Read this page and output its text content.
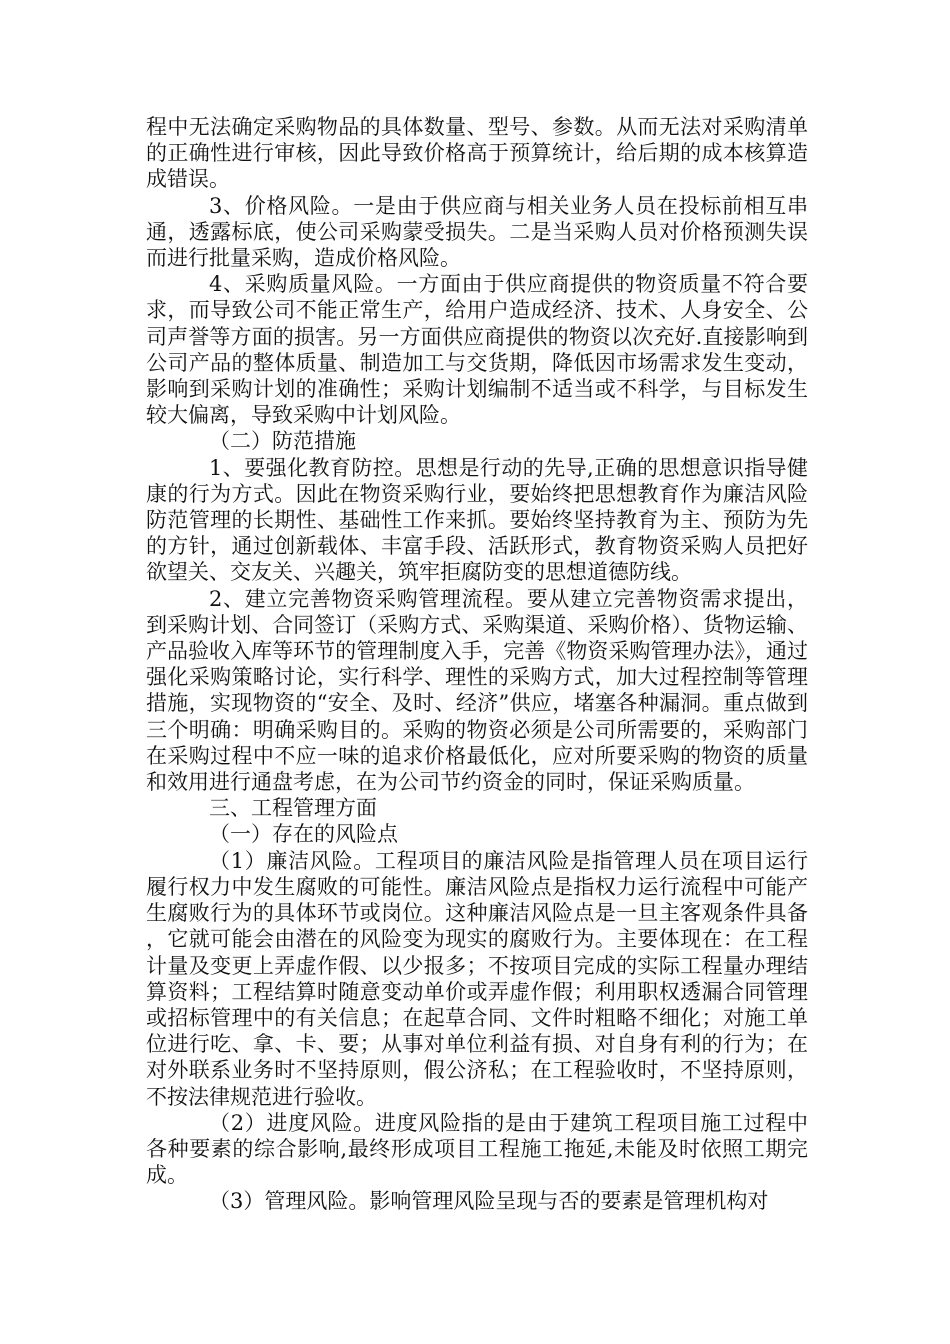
程中无法确定采购物品的具体数量、型号、参数。从而无法对采购清单的正确性进行审核，因此导致价格高于预算统计，给后期的成本核算造成错误。

3、价格风险。一是由于供应商与相关业务人员在投标前相互串通，透露标底，使公司采购蒙受损失。二是当采购人员对价格预测失误而进行批量采购，造成价格风险。

4、采购质量风险。一方面由于供应商提供的物资质量不符合要求，而导致公司不能正常生产，给用户造成经济、技术、人身安全、公司声誉等方面的损害。另一方面供应商提供的物资以次充好.直接影响到公司产品的整体质量、制造加工与交货期，降低因市场需求发生变动，影响到采购计划的准确性；采购计划编制不适当或不科学，与目标发生较大偏离，导致采购中计划风险。

（二）防范措施

1、要强化教育防控。思想是行动的先导,正确的思想意识指导健康的行为方式。因此在物资采购行业，要始终把思想教育作为廉洁风险防范管理的长期性、基础性工作来抓。要始终坚持教育为主、预防为先的方针，通过创新载体、丰富手段、活跃形式，教育物资采购人员把好欲望关、交友关、兴趣关，筑牢拒腐防变的思想道德防线。

2、建立完善物资采购管理流程。要从建立完善物资需求提出，到采购计划、合同签订（采购方式、采购渠道、采购价格）、货物运输、产品验收入库等环节的管理制度入手，完善《物资采购管理办法》，通过强化采购策略讨论，实行科学、理性的采购方式，加大过程控制等管理措施，实现物资的“安全、及时、经济”供应，堵塞各种漏洞。重点做到三个明确：明确采购目的。采购的物资必须是公司所需要的，采购部门在采购过程中不应一味的追求价格最低化，应对所要采购的物资的质量和效用进行通盘考虑，在为公司节约资金的同时，保证采购质量。

三、工程管理方面

（一）存在的风险点

（1）廉洁风险。工程项目的廉洁风险是指管理人员在项目运行履行权力中发生腐败的可能性。廉洁风险点是指权力运行流程中可能产生腐败行为的具体环节或岗位。这种廉洁风险点是一旦主客观条件具备，它就可能会由潜在的风险变为现实的腐败行为。主要体现在：在工程计量及变更上弄虚作假、以少报多；不按项目完成的实际工程量办理结算资料；工程结算时随意变动单价或弄虚作假；利用职权透漏合同管理或招标管理中的有关信息；在起草合同、文件时粗略不细化；对施工单位进行吃、拿、卡、要；从事对单位利益有损、对自身有利的行为；在对外联系业务时不坚持原则，假公济私；在工程验收时，不坚持原则，不按法律规范进行验收。

（2）进度风险。进度风险指的是由于建筑工程项目施工过程中各种要素的综合影响,最终形成项目工程施工拖延,未能及时依照工期完成。

（3）管理风险。影响管理风险呈现与否的要素是管理机构对
